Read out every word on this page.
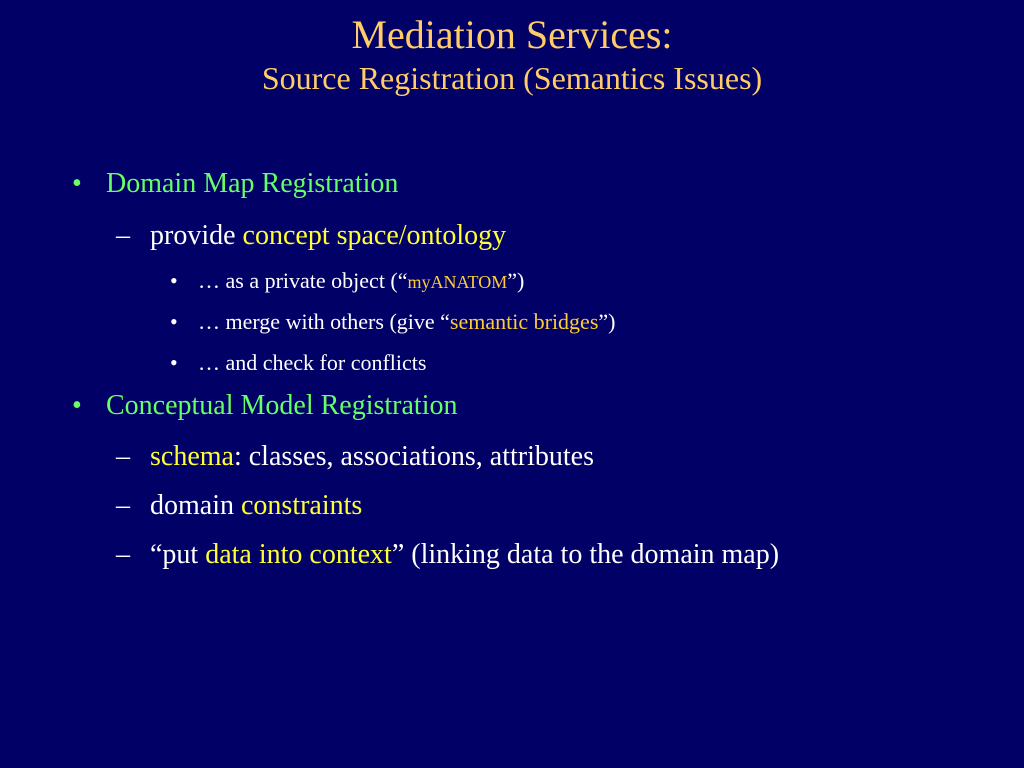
Mediation Services:
Source Registration (Semantics Issues)
• Domain Map Registration
– provide concept space/ontology
• … as a private object (“myANATOM”)
• … merge with others (give “semantic bridges”)
• … and check for conflicts
• Conceptual Model Registration
– schema: classes, associations, attributes
– domain constraints
– “put data into context” (linking data to the domain map)
